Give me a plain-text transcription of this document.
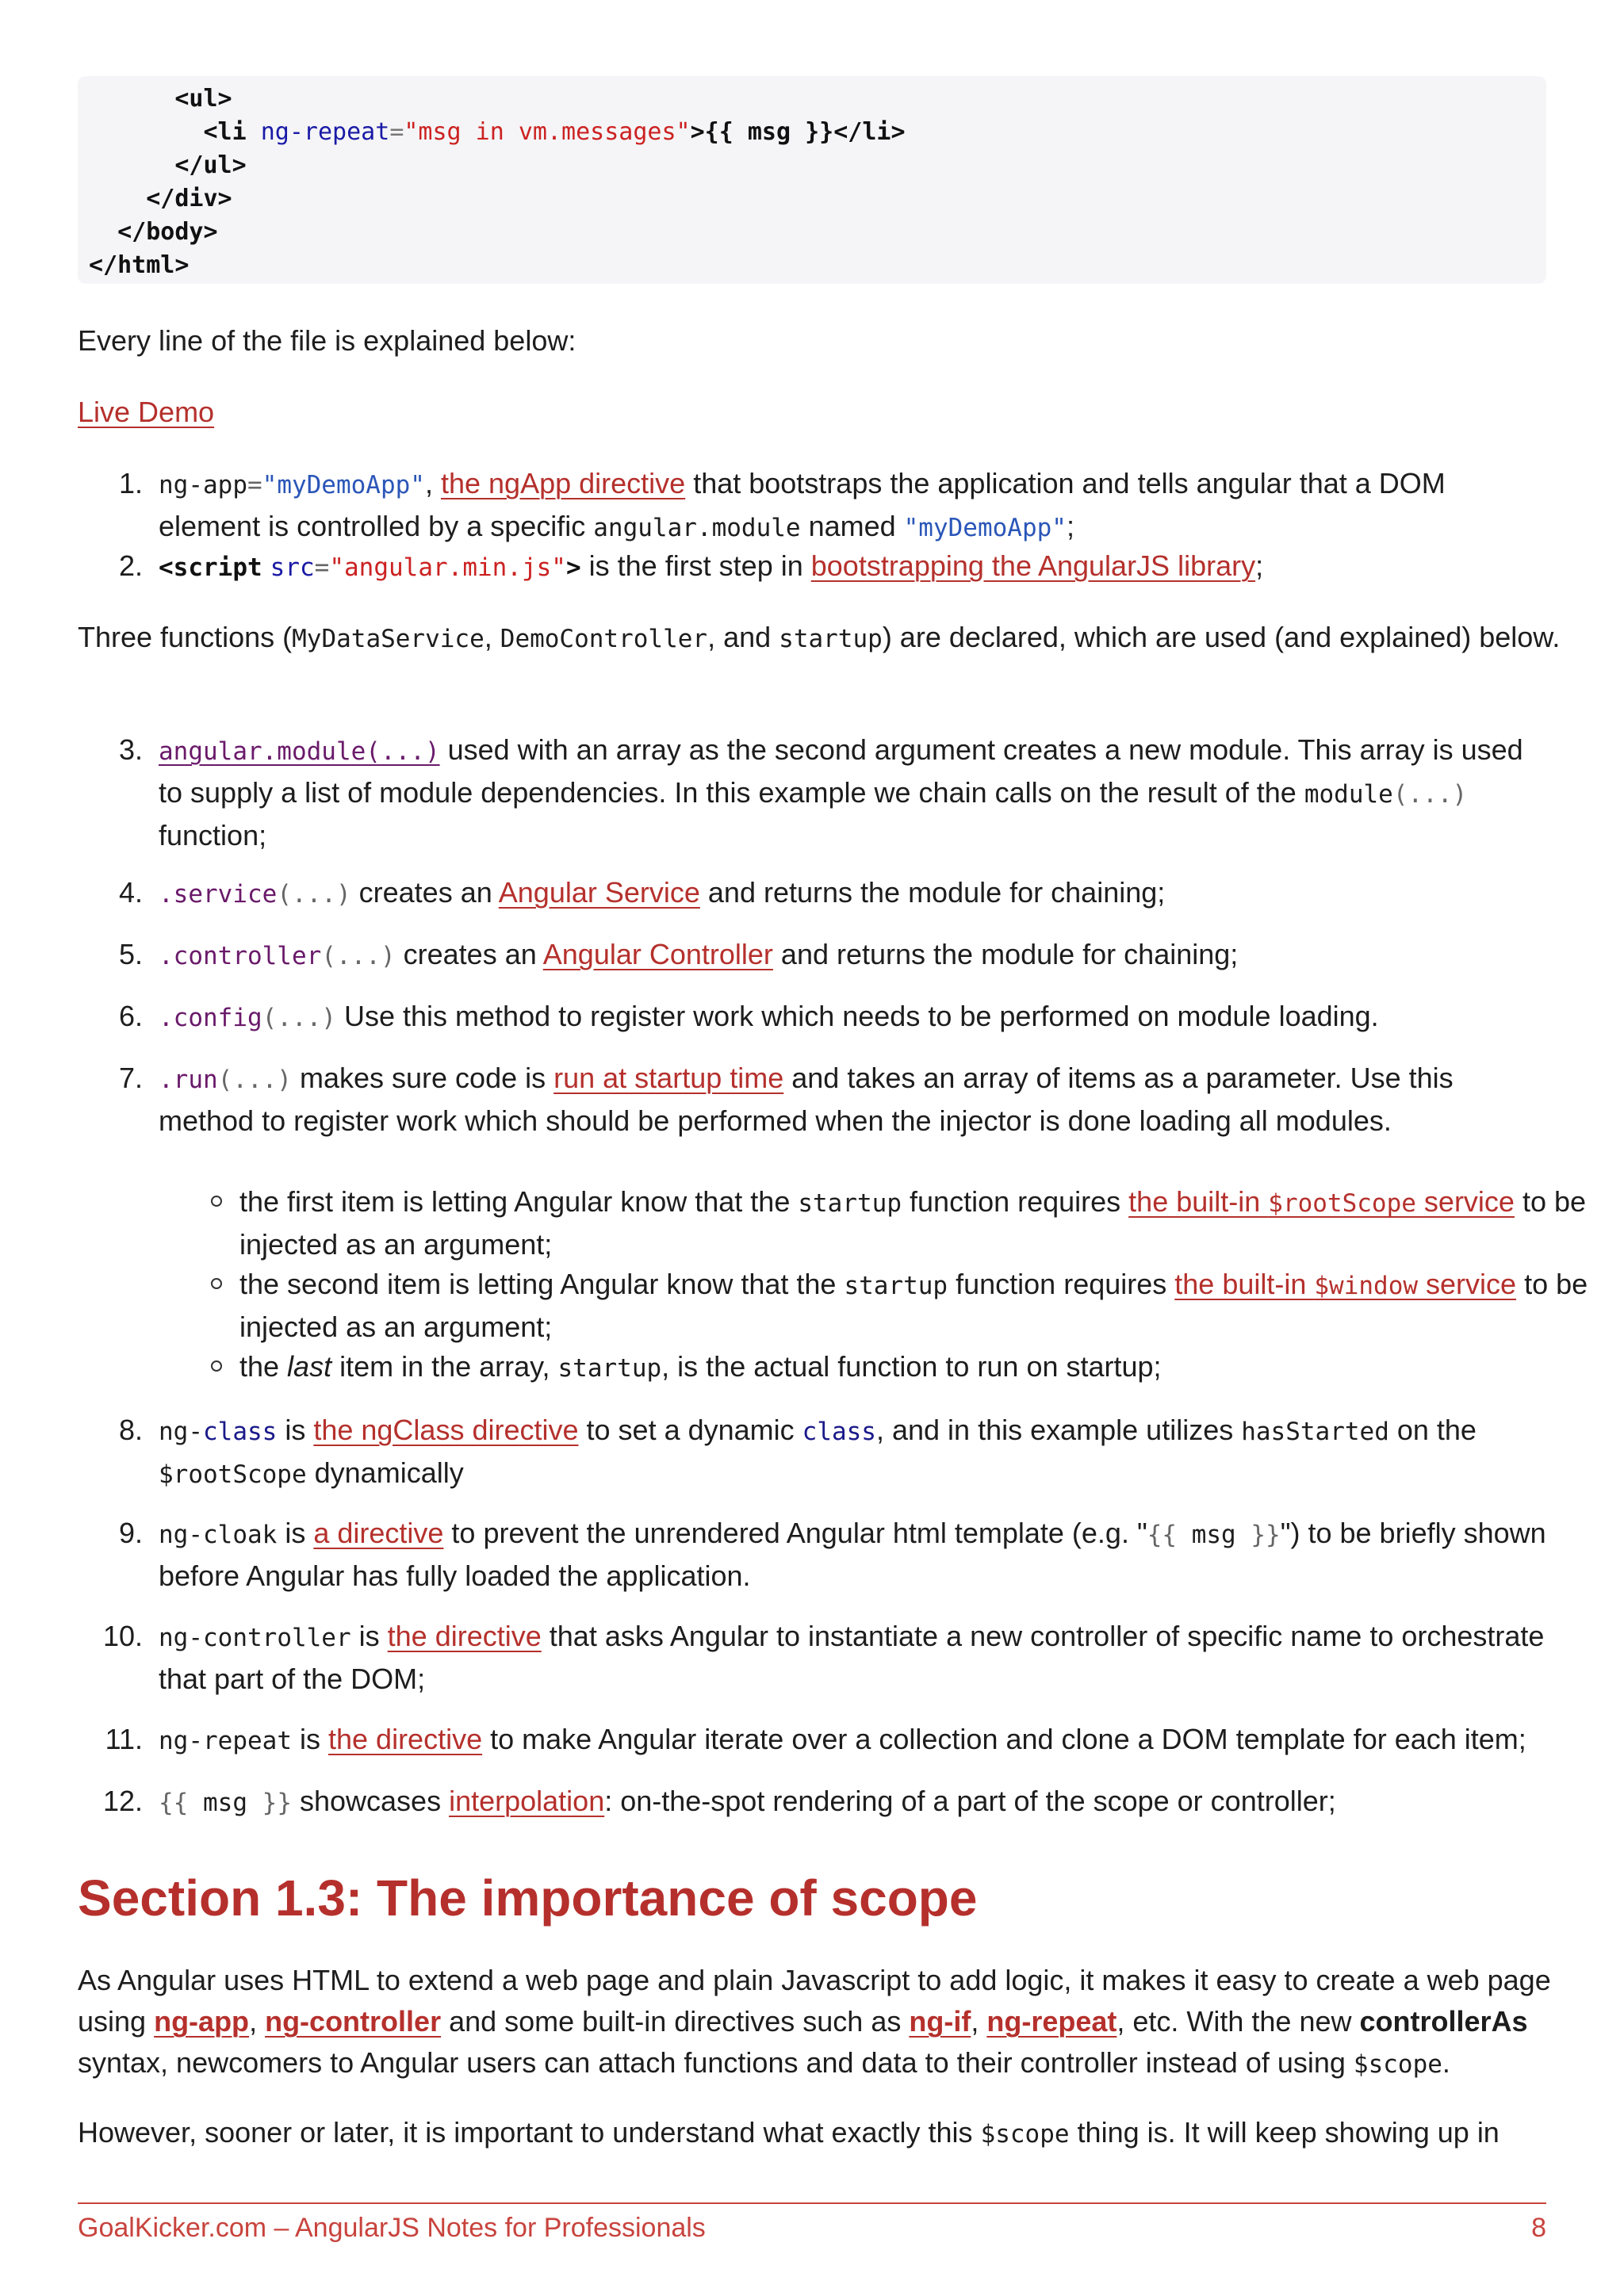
<ul>
<li ng-repeat="msg in vm.messages">{{ msg }}</li>
</ul>
</div>
</body>
</html>
Every line of the file is explained below:
Live Demo
1. ng-app="myDemoApp", the ngApp directive that bootstraps the application and tells angular that a DOM element is controlled by a specific angular.module named "myDemoApp";
2. <script src="angular.min.js"> is the first step in bootstrapping the AngularJS library;
Three functions (MyDataService, DemoController, and startup) are declared, which are used (and explained) below.
3. angular.module(...) used with an array as the second argument creates a new module. This array is used to supply a list of module dependencies. In this example we chain calls on the result of the module(...) function;
4. .service(...) creates an Angular Service and returns the module for chaining;
5. .controller(...) creates an Angular Controller and returns the module for chaining;
6. .config(...) Use this method to register work which needs to be performed on module loading.
7. .run(...) makes sure code is run at startup time and takes an array of items as a parameter. Use this method to register work which should be performed when the injector is done loading all modules.
the first item is letting Angular know that the startup function requires the built-in $rootScope service to be injected as an argument;
the second item is letting Angular know that the startup function requires the built-in $window service to be injected as an argument;
the last item in the array, startup, is the actual function to run on startup;
8. ng-class is the ngClass directive to set a dynamic class, and in this example utilizes hasStarted on the $rootScope dynamically
9. ng-cloak is a directive to prevent the unrendered Angular html template (e.g. "{{ msg }}") to be briefly shown before Angular has fully loaded the application.
10. ng-controller is the directive that asks Angular to instantiate a new controller of specific name to orchestrate that part of the DOM;
11. ng-repeat is the directive to make Angular iterate over a collection and clone a DOM template for each item;
12. {{ msg }} showcases interpolation: on-the-spot rendering of a part of the scope or controller;
Section 1.3: The importance of scope
As Angular uses HTML to extend a web page and plain Javascript to add logic, it makes it easy to create a web page using ng-app, ng-controller and some built-in directives such as ng-if, ng-repeat, etc. With the new controllerAs syntax, newcomers to Angular users can attach functions and data to their controller instead of using $scope.
However, sooner or later, it is important to understand what exactly this $scope thing is. It will keep showing up in
GoalKicker.com – AngularJS Notes for Professionals	8
